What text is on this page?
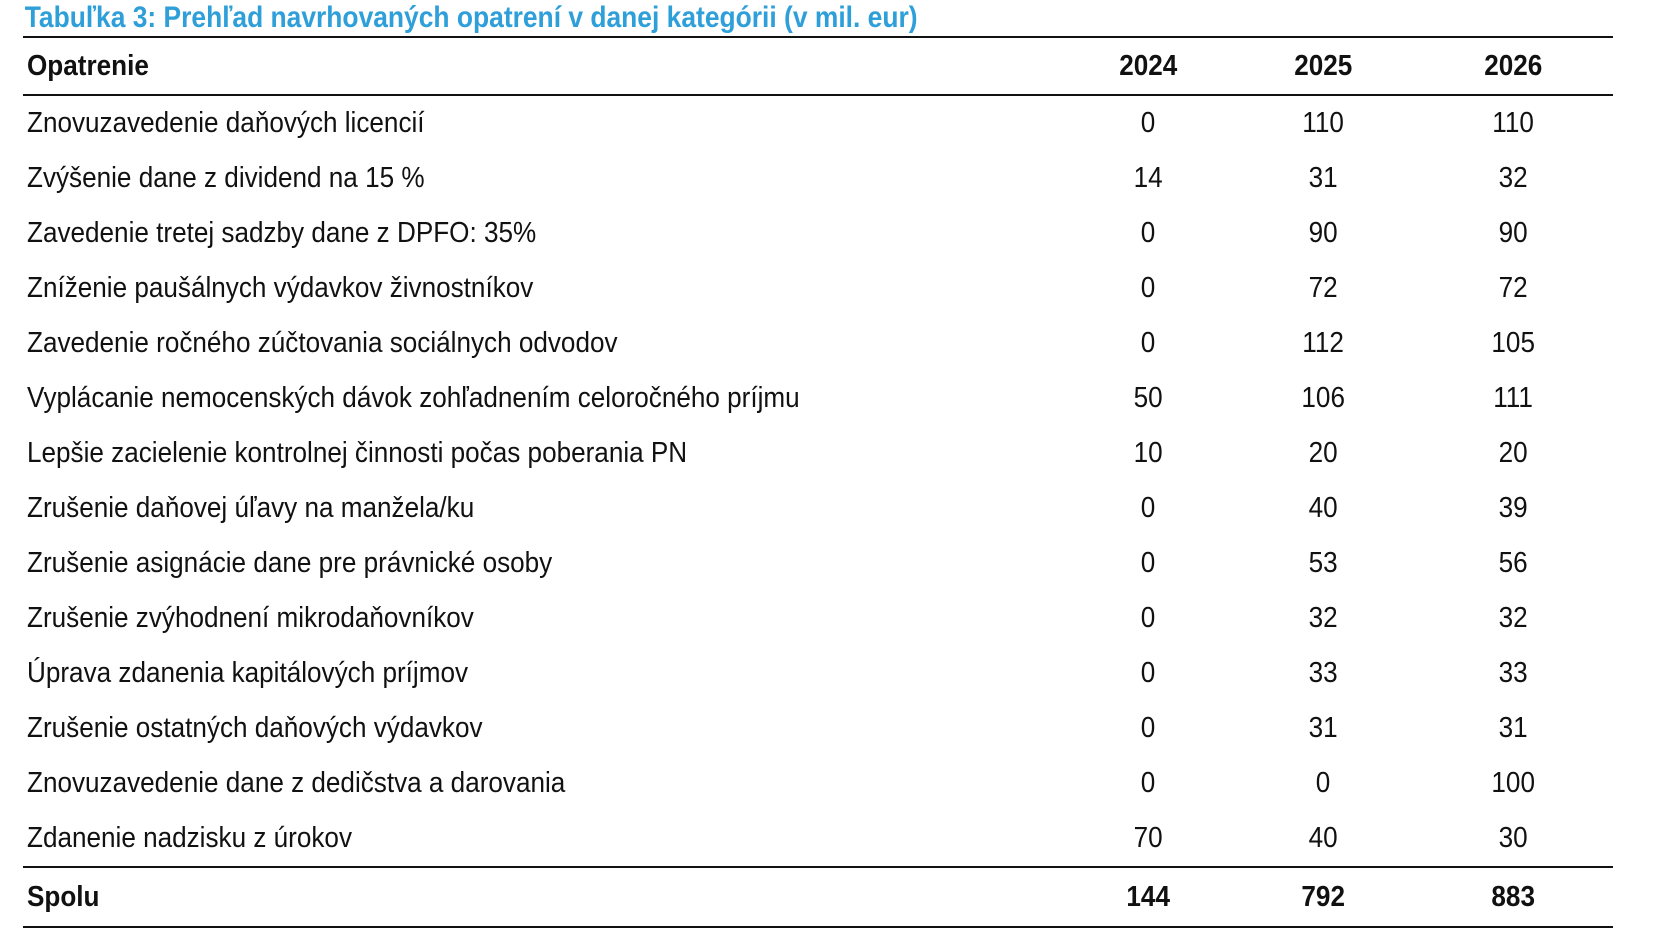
Tabuľka 3: Prehľad navrhovaných opatrení v danej kategórii (v mil. eur)
Opatrenie	2024	2025	2026
Znovuzavedenie daňových licencií	0	110	110
Zvýšenie dane z dividend na 15 %	14	31	32
Zavedenie tretej sadzby dane z DPFO: 35%	0	90	90
Zníženie paušálnych výdavkov živnostníkov	0	72	72
Zavedenie ročného zúčtovania sociálnych odvodov	0	112	105
Vyplácanie nemocenských dávok zohľadnením celoročného príjmu	50	106	111
Lepšie zacielenie kontrolnej činnosti počas poberania PN	10	20	20
Zrušenie daňovej úľavy na manžela/ku	0	40	39
Zrušenie asignácie dane pre právnické osoby	0	53	56
Zrušenie zvýhodnení mikrodaňovníkov	0	32	32
Úprava zdanenia kapitálových príjmov	0	33	33
Zrušenie ostatných daňových výdavkov	0	31	31
Znovuzavedenie dane z dedičstva a darovania	0	0	100
Zdanenie nadzisku z úrokov	70	40	30
Spolu	144	792	883
